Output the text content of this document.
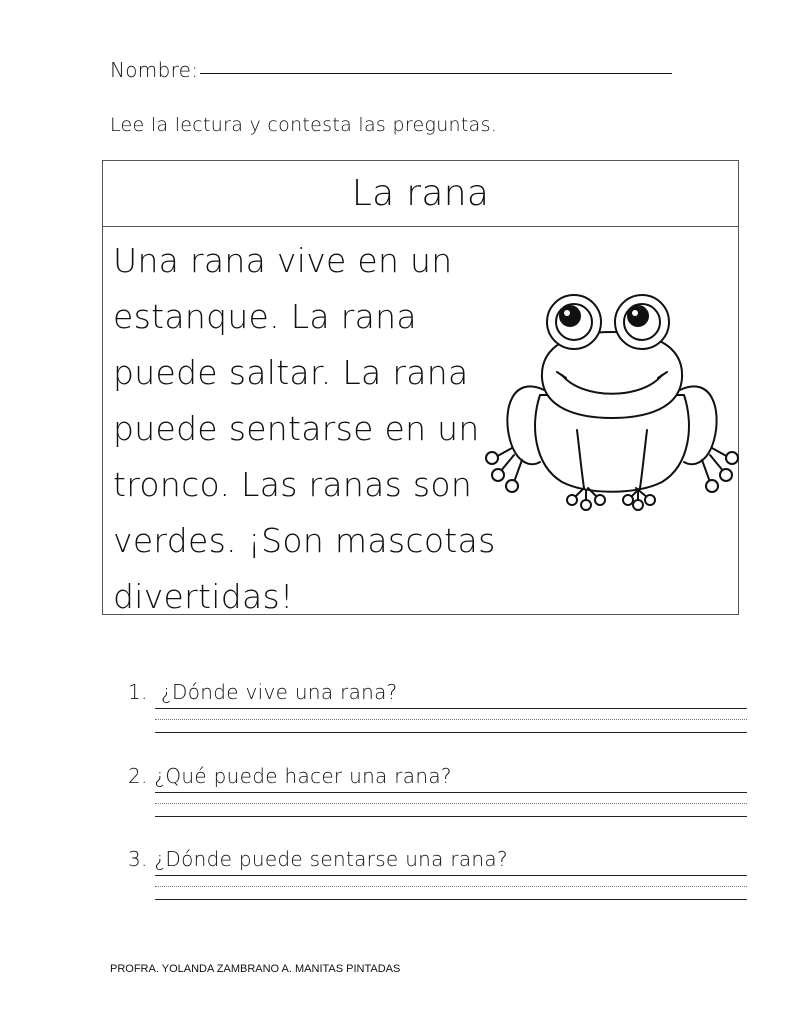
Nombre:
Lee la lectura y contesta las preguntas.
La rana

Una rana vive en un
estanque. La rana
puede saltar. La rana
puede sentarse en un
tronco. Las ranas son
verdes. ¡Son mascotas
divertidas!

1. ¿Dónde vive una rana?
2. ¿Qué puede hacer una rana?
3. ¿Dónde puede sentarse una rana?
PROFRA. YOLANDA ZAMBRANO A. MANITAS PINTADAS
